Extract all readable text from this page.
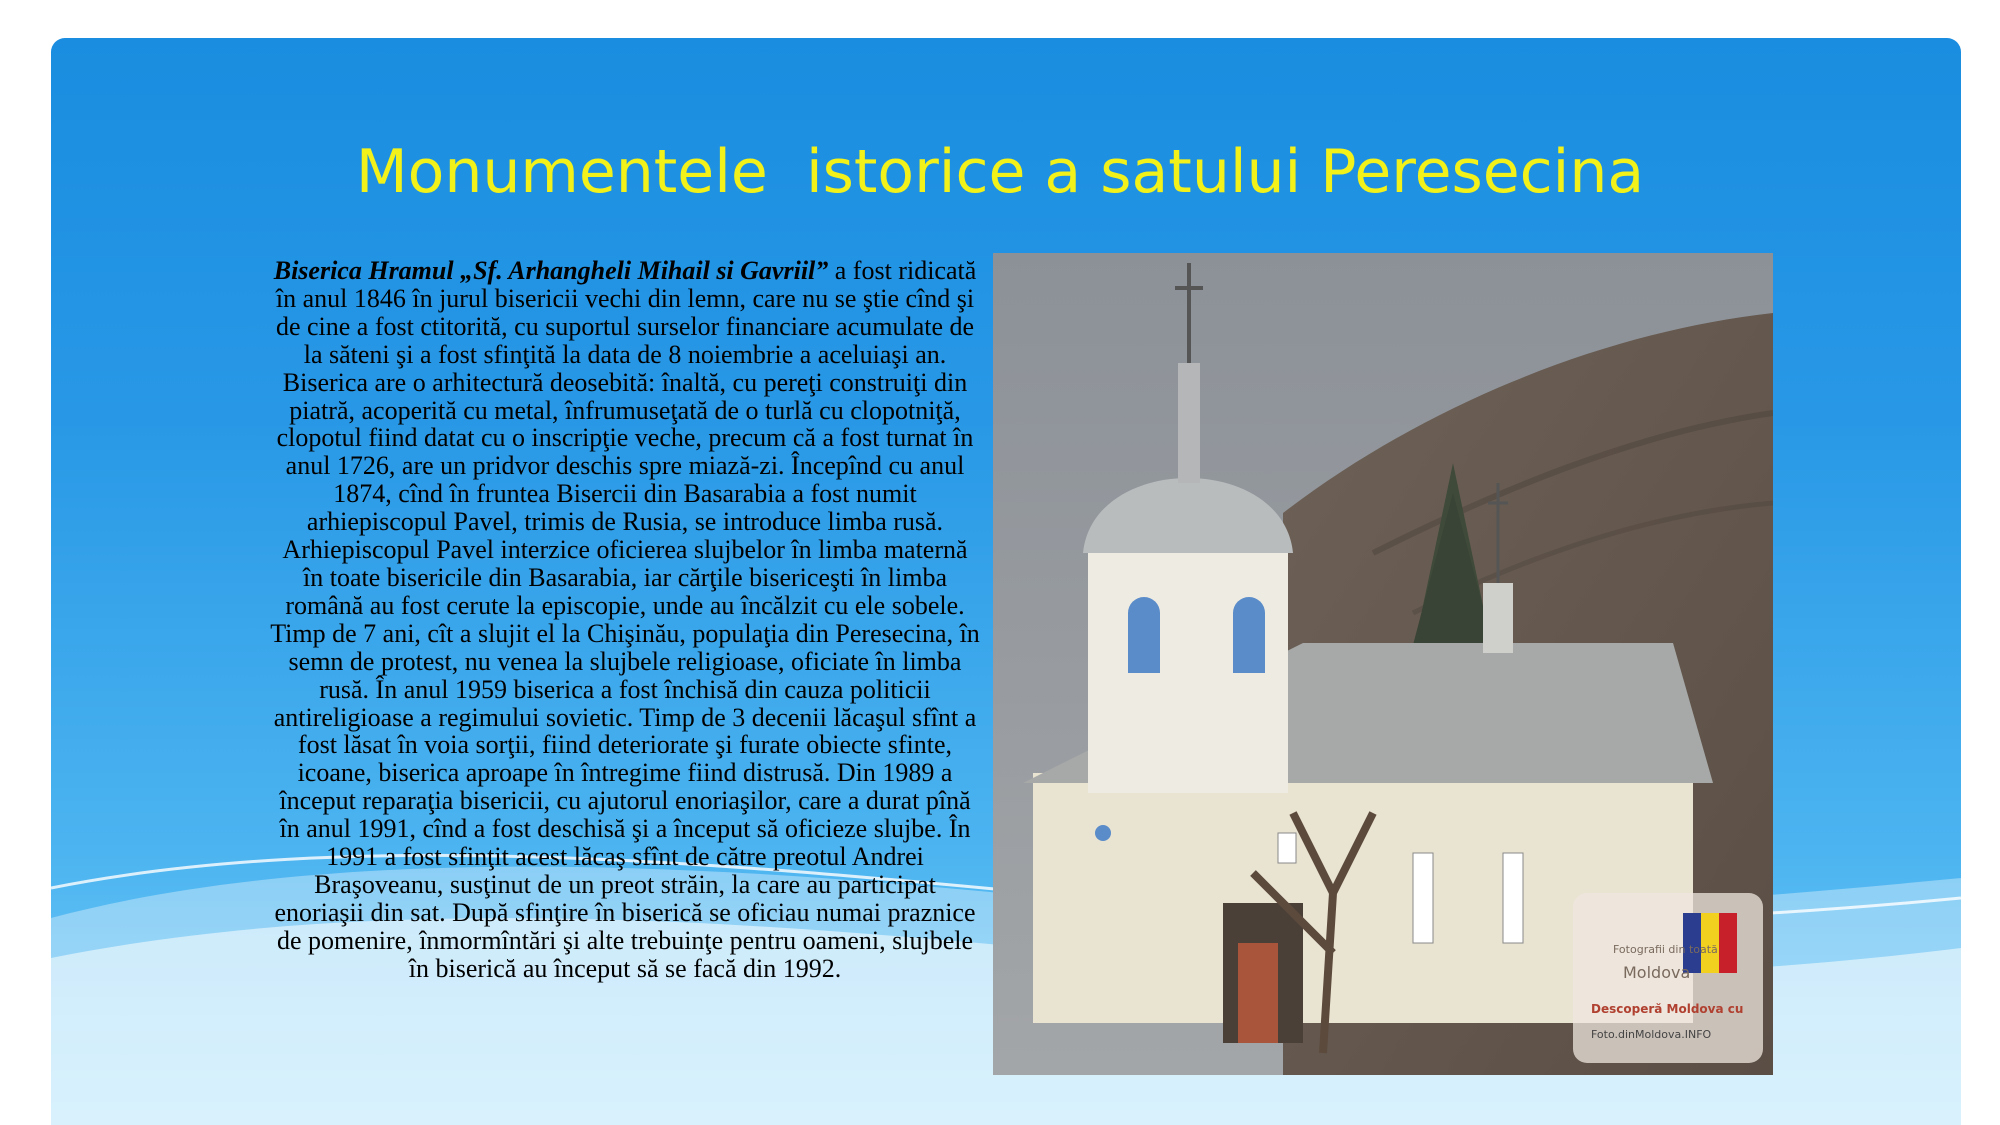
Monumentele  istorice a satului Peresecina

Biserica Hramul „Sf. Arhangheli Mihail si Gavriil” a fost ridicată în anul 1846 în jurul bisericii vechi din lemn, care nu se ştie cînd şi de cine a fost ctitorită, cu suportul surselor financiare acumulate de la săteni şi a fost sfinţită la data de 8 noiembrie a aceluiaşi an. Biserica are o arhitectură deosebită: înaltă, cu pereţi construiţi din piatră, acoperită cu metal, înfrumuseţată de o turlă cu clopotniţă, clopotul fiind datat cu o inscripţie veche, precum că a fost turnat în anul 1726, are un pridvor deschis spre miază-zi. Începînd cu anul 1874, cînd în fruntea Bisercii din Basarabia a fost numit arhiepiscopul Pavel, trimis de Rusia, se introduce limba rusă. Arhiepiscopul Pavel interzice oficierea slujbelor în limba maternă în toate bisericile din Basarabia, iar cărţile bisericeşti în limba română au fost cerute la episcopie, unde au încălzit cu ele sobele. Timp de 7 ani, cît a slujit el la Chişinău, populaţia din Peresecina, în semn de protest, nu venea la slujbele religioase, oficiate în limba rusă. În anul 1959 biserica a fost închisă din cauza politicii antireligioase a regimului sovietic. Timp de 3 decenii lăcaşul sfînt a fost lăsat în voia sorţii, fiind deteriorate şi furate obiecte sfinte, icoane, biserica aproape în întregime fiind distrusă. Din 1989 a început reparaţia bisericii, cu ajutorul enoriaşilor, care a durat pînă în anul 1991, cînd a fost deschisă şi a început să oficieze slujbe. În 1991 a fost sfinţit acest lăcaş sfînt de către preotul Andrei Braşoveanu, susţinut de un preot străin, la care au participat enoriaşii din sat. După sfinţire în biserică se oficiau numai praznice de pomenire, înmormîntări şi alte trebuinţe pentru oameni, slujbele în biserică au început să se facă din 1992.

Fotografii din toată
Moldova
Descoperă Moldova cu
Foto.dinMoldova.INFO
